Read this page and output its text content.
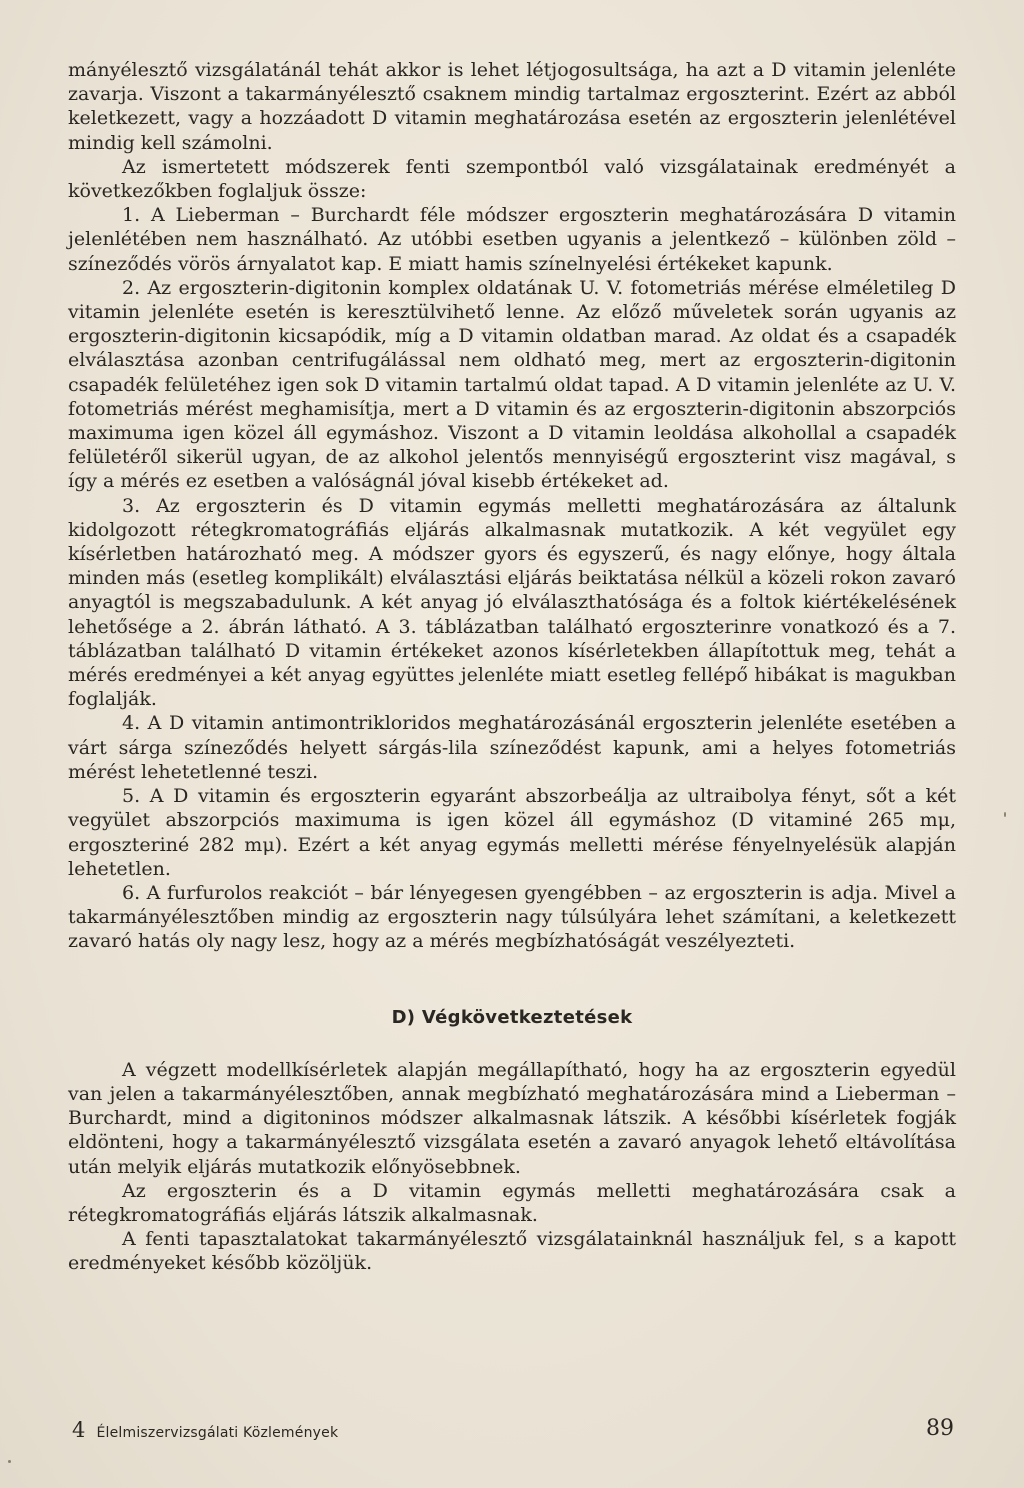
mányélesztő vizsgálatánál tehát akkor is lehet létjogosultsága, ha azt a D vitamin jelenléte zavarja. Viszont a takarmányélesztő csaknem mindig tartalmaz ergoszterint. Ezért az abból keletkezett, vagy a hozzáadott D vitamin meghatározása esetén az ergoszterin jelenlétével mindig kell számolni.

Az ismertetett módszerek fenti szempontból való vizsgálatainak eredményét a következőkben foglaljuk össze:

1. A Lieberman – Burchardt féle módszer ergoszterin meghatározására D vitamin jelenlétében nem használható. Az utóbbi esetben ugyanis a jelentkező – különben zöld – színeződés vörös árnyalatot kap. E miatt hamis színelnyelési értékeket kapunk.

2. Az ergoszterin-digitonin komplex oldatának U. V. fotometriás mérése elméletileg D vitamin jelenléte esetén is keresztülvihető lenne. Az előző műveletek során ugyanis az ergoszterin-digitonin kicsapódik, míg a D vitamin oldatban marad. Az oldat és a csapadék elválasztása azonban centrifugálással nem oldható meg, mert az ergoszterin-digitonin csapadék felületéhez igen sok D vitamin tartalmú oldat tapad. A D vitamin jelenléte az U. V. fotometriás mérést meghamisítja, mert a D vitamin és az ergoszterin-digitonin abszorpciós maximuma igen közel áll egymáshoz. Viszont a D vitamin leoldása alkohollal a csapadék felületéről sikerül ugyan, de az alkohol jelentős mennyiségű ergoszterint visz magával, s így a mérés ez esetben a valóságnál jóval kisebb értékeket ad.

3. Az ergoszterin és D vitamin egymás melletti meghatározására az általunk kidolgozott rétegkromatográfiás eljárás alkalmasnak mutatkozik. A két vegyület egy kísérletben határozható meg. A módszer gyors és egyszerű, és nagy előnye, hogy általa minden más (esetleg komplikált) elválasztási eljárás beiktatása nélkül a közeli rokon zavaró anyagtól is megszabadulunk. A két anyag jó elválaszthatósága és a foltok kiértékelésének lehetősége a 2. ábrán látható. A 3. táblázatban található ergoszterinre vonatkozó és a 7. táblázatban található D vitamin értékeket azonos kísérletekben állapítottuk meg, tehát a mérés eredményei a két anyag együttes jelenléte miatt esetleg fellépő hibákat is magukban foglalják.

4. A D vitamin antimontrikloridos meghatározásánál ergoszterin jelenléte esetében a várt sárga színeződés helyett sárgás-lila színeződést kapunk, ami a helyes fotometriás mérést lehetetlenné teszi.

5. A D vitamin és ergoszterin egyaránt abszorbeálja az ultraibolya fényt, sőt a két vegyület abszorpciós maximuma is igen közel áll egymáshoz (D vitaminé 265 mμ, ergoszteriné 282 mμ). Ezért a két anyag egymás melletti mérése fényelnyelésük alapján lehetetlen.

6. A furfurolos reakciót – bár lényegesen gyengébben – az ergoszterin is adja. Mivel a takarmányélesztőben mindig az ergoszterin nagy túlsúlyára lehet számítani, a keletkezett zavaró hatás oly nagy lesz, hogy az a mérés megbízhatóságát veszélyezteti.

D) Végkövetkeztetések

A végzett modellkísérletek alapján megállapítható, hogy ha az ergoszterin egyedül van jelen a takarmányélesztőben, annak megbízható meghatározására mind a Lieberman – Burchardt, mind a digitoninos módszer alkalmasnak látszik. A későbbi kísérletek fogják eldönteni, hogy a takarmányélesztő vizsgálata esetén a zavaró anyagok lehető eltávolítása után melyik eljárás mutatkozik előnyösebbnek.

Az ergoszterin és a D vitamin egymás melletti meghatározására csak a rétegkromatográfiás eljárás látszik alkalmasnak.

A fenti tapasztalatokat takarmányélesztő vizsgálatainknál használjuk fel, s a kapott eredményeket később közöljük.

4 Élelmiszervizsgálati Közlemények	89
